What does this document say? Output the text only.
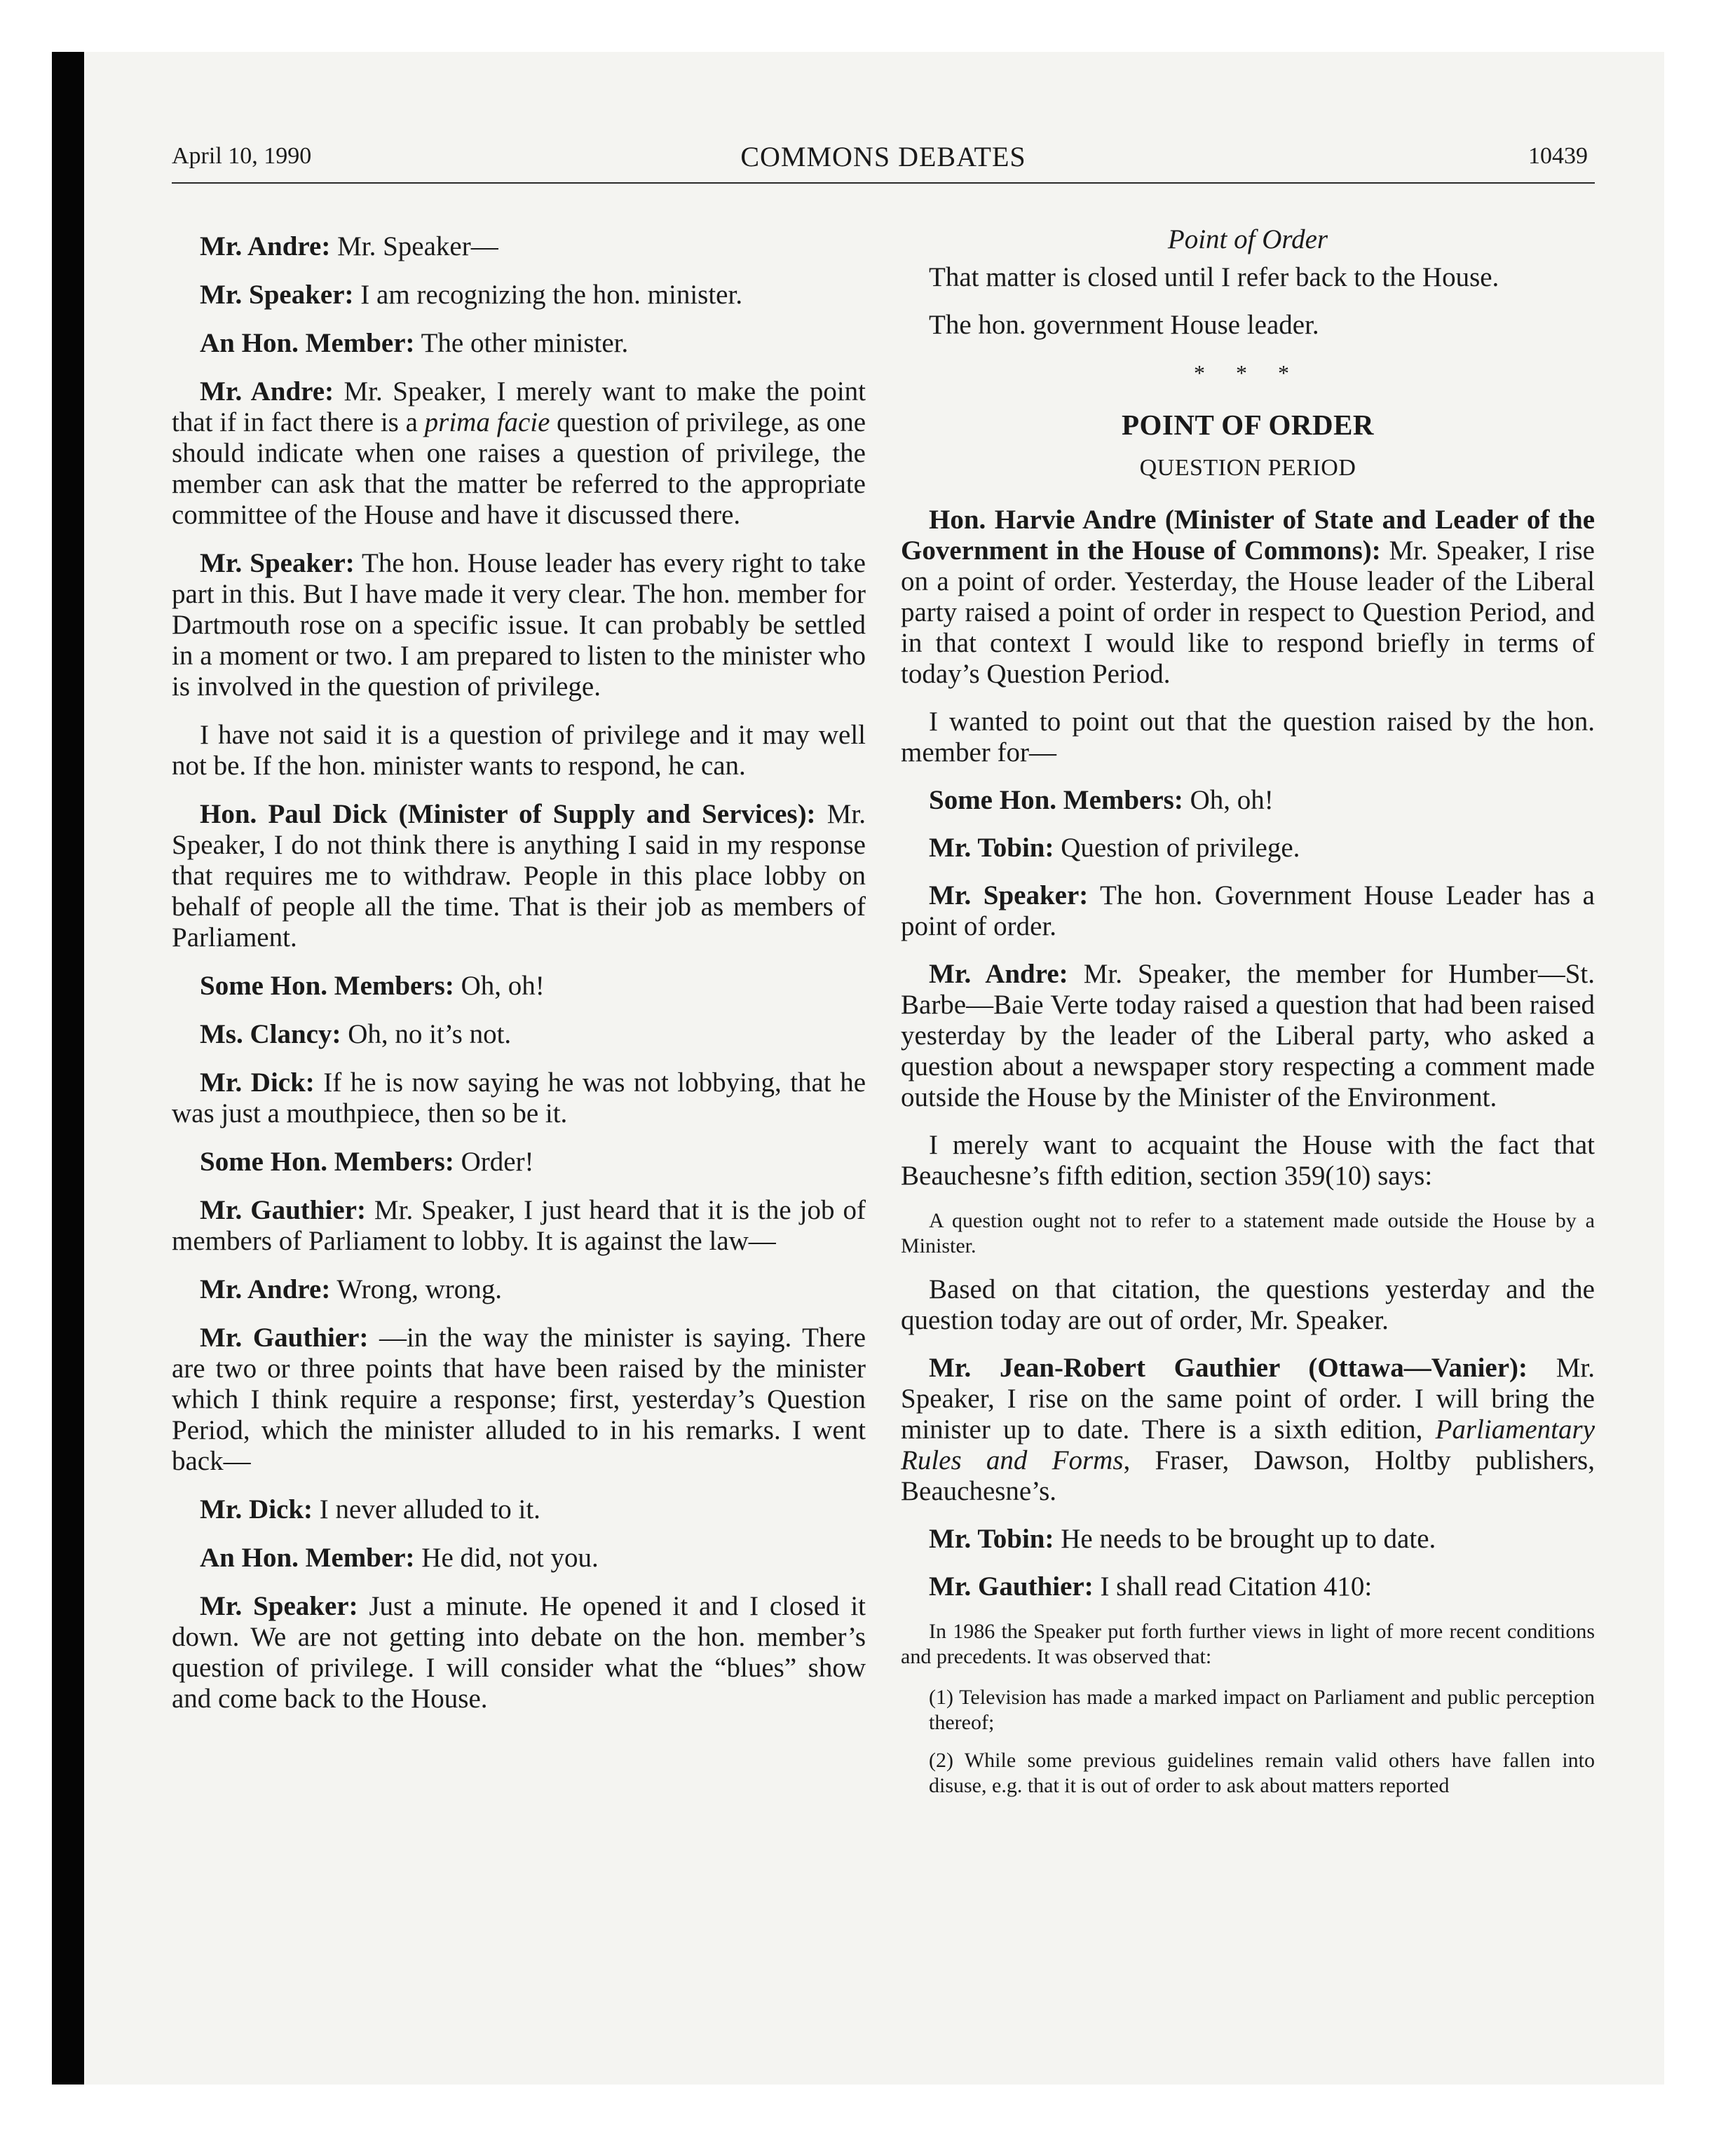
April 10, 1990	COMMONS DEBATES	10439

Mr. Andre: Mr. Speaker—

Mr. Speaker: I am recognizing the hon. minister.

An Hon. Member: The other minister.

Mr. Andre: Mr. Speaker, I merely want to make the point that if in fact there is a prima facie question of privilege, as one should indicate when one raises a question of privilege, the member can ask that the matter be referred to the appropriate committee of the House and have it discussed there.

Mr. Speaker: The hon. House leader has every right to take part in this. But I have made it very clear. The hon. member for Dartmouth rose on a specific issue. It can probably be settled in a moment or two. I am prepared to listen to the minister who is involved in the question of privilege.

I have not said it is a question of privilege and it may well not be. If the hon. minister wants to respond, he can.

Hon. Paul Dick (Minister of Supply and Services): Mr. Speaker, I do not think there is anything I said in my response that requires me to withdraw. People in this place lobby on behalf of people all the time. That is their job as members of Parliament.

Some Hon. Members: Oh, oh!

Ms. Clancy: Oh, no it’s not.

Mr. Dick: If he is now saying he was not lobbying, that he was just a mouthpiece, then so be it.

Some Hon. Members: Order!

Mr. Gauthier: Mr. Speaker, I just heard that it is the job of members of Parliament to lobby. It is against the law—

Mr. Andre: Wrong, wrong.

Mr. Gauthier: —in the way the minister is saying. There are two or three points that have been raised by the minister which I think require a response; first, yesterday’s Question Period, which the minister alluded to in his remarks. I went back—

Mr. Dick: I never alluded to it.

An Hon. Member: He did, not you.

Mr. Speaker: Just a minute. He opened it and I closed it down. We are not getting into debate on the hon. member’s question of privilege. I will consider what the “blues” show and come back to the House.

Point of Order

That matter is closed until I refer back to the House.

The hon. government House leader.

* * *
POINT OF ORDER
QUESTION PERIOD

Hon. Harvie Andre (Minister of State and Leader of the Government in the House of Commons): Mr. Speaker, I rise on a point of order. Yesterday, the House leader of the Liberal party raised a point of order in respect to Question Period, and in that context I would like to respond briefly in terms of today’s Question Period.

I wanted to point out that the question raised by the hon. member for—

Some Hon. Members: Oh, oh!

Mr. Tobin: Question of privilege.

Mr. Speaker: The hon. Government House Leader has a point of order.

Mr. Andre: Mr. Speaker, the member for Humber—St. Barbe—Baie Verte today raised a question that had been raised yesterday by the leader of the Liberal party, who asked a question about a newspaper story respecting a comment made outside the House by the Minister of the Environment.

I merely want to acquaint the House with the fact that Beauchesne’s fifth edition, section 359(10) says:

A question ought not to refer to a statement made outside the House by a Minister.

Based on that citation, the questions yesterday and the question today are out of order, Mr. Speaker.

Mr. Jean-Robert Gauthier (Ottawa—Vanier): Mr. Speaker, I rise on the same point of order. I will bring the minister up to date. There is a sixth edition, Parliamentary Rules and Forms, Fraser, Dawson, Holtby publishers, Beauchesne’s.

Mr. Tobin: He needs to be brought up to date.

Mr. Gauthier: I shall read Citation 410:

In 1986 the Speaker put forth further views in light of more recent conditions and precedents. It was observed that:
(1) Television has made a marked impact on Parliament and public perception thereof;
(2) While some previous guidelines remain valid others have fallen into disuse, e.g. that it is out of order to ask about matters reported
